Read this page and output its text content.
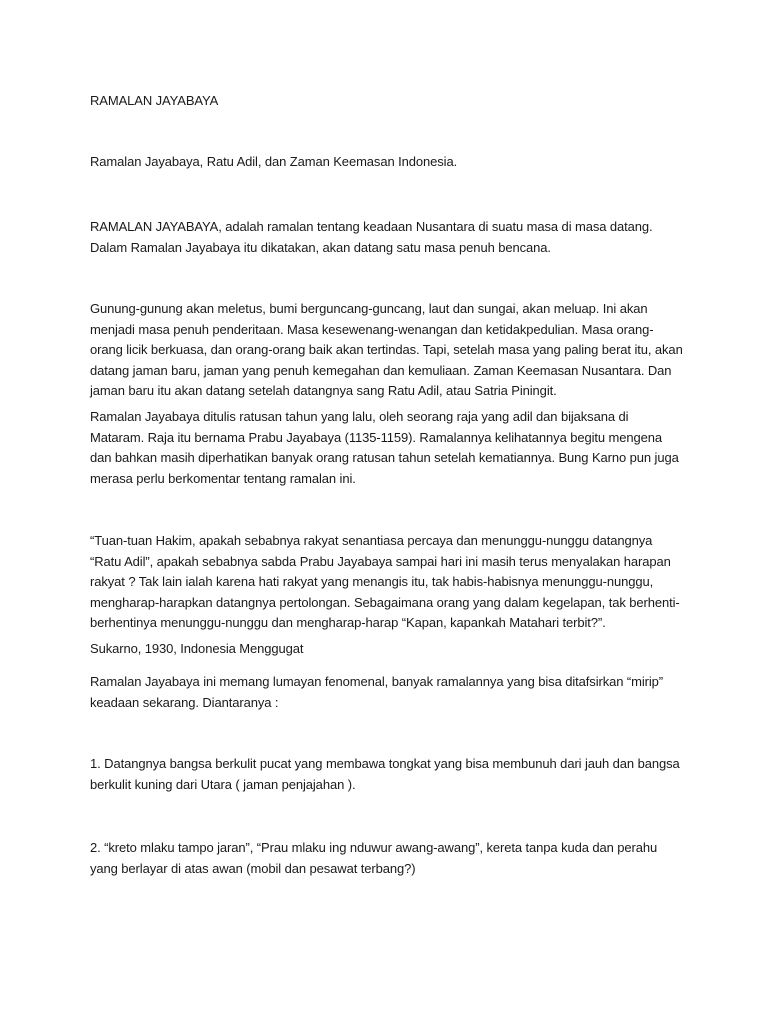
RAMALAN JAYABAYA

Ramalan Jayabaya, Ratu Adil, dan Zaman Keemasan Indonesia.

RAMALAN JAYABAYA, adalah ramalan tentang keadaan Nusantara di suatu masa di masa datang. Dalam Ramalan Jayabaya itu dikatakan, akan datang satu masa penuh bencana.

Gunung-gunung akan meletus, bumi berguncang-guncang, laut dan sungai, akan meluap. Ini akan menjadi masa penuh penderitaan. Masa kesewenang-wenangan dan ketidakpedulian. Masa orang-orang licik berkuasa, dan orang-orang baik akan tertindas. Tapi, setelah masa yang paling berat itu, akan datang jaman baru, jaman yang penuh kemegahan dan kemuliaan. Zaman Keemasan Nusantara. Dan jaman baru itu akan datang setelah datangnya sang Ratu Adil, atau Satria Piningit.

Ramalan Jayabaya ditulis ratusan tahun yang lalu, oleh seorang raja yang adil dan bijaksana di Mataram. Raja itu bernama Prabu Jayabaya (1135-1159). Ramalannya kelihatannya begitu mengena dan bahkan masih diperhatikan banyak orang ratusan tahun setelah kematiannya. Bung Karno pun juga merasa perlu berkomentar tentang ramalan ini.

“Tuan-tuan Hakim, apakah sebabnya rakyat senantiasa percaya dan menunggu-nunggu datangnya “Ratu Adil”, apakah sebabnya sabda Prabu Jayabaya sampai hari ini masih terus menyalakan harapan rakyat ? Tak lain ialah karena hati rakyat yang menangis itu, tak habis-habisnya menunggu-nunggu, mengharap-harapkan datangnya pertolongan. Sebagaimana orang yang dalam kegelapan, tak berhenti-berhentinya menunggu-nunggu dan mengharap-harap “Kapan, kapankah Matahari terbit?”.

Sukarno, 1930, Indonesia Menggugat

Ramalan Jayabaya ini memang lumayan fenomenal, banyak ramalannya yang bisa ditafsirkan “mirip” keadaan sekarang. Diantaranya :

1. Datangnya bangsa berkulit pucat yang membawa tongkat yang bisa membunuh dari jauh dan bangsa berkulit kuning dari Utara ( jaman penjajahan ).

2. “kreto mlaku tampo jaran”, “Prau mlaku ing nduwur awang-awang”, kereta tanpa kuda dan perahu yang berlayar di atas awan (mobil dan pesawat terbang?)
